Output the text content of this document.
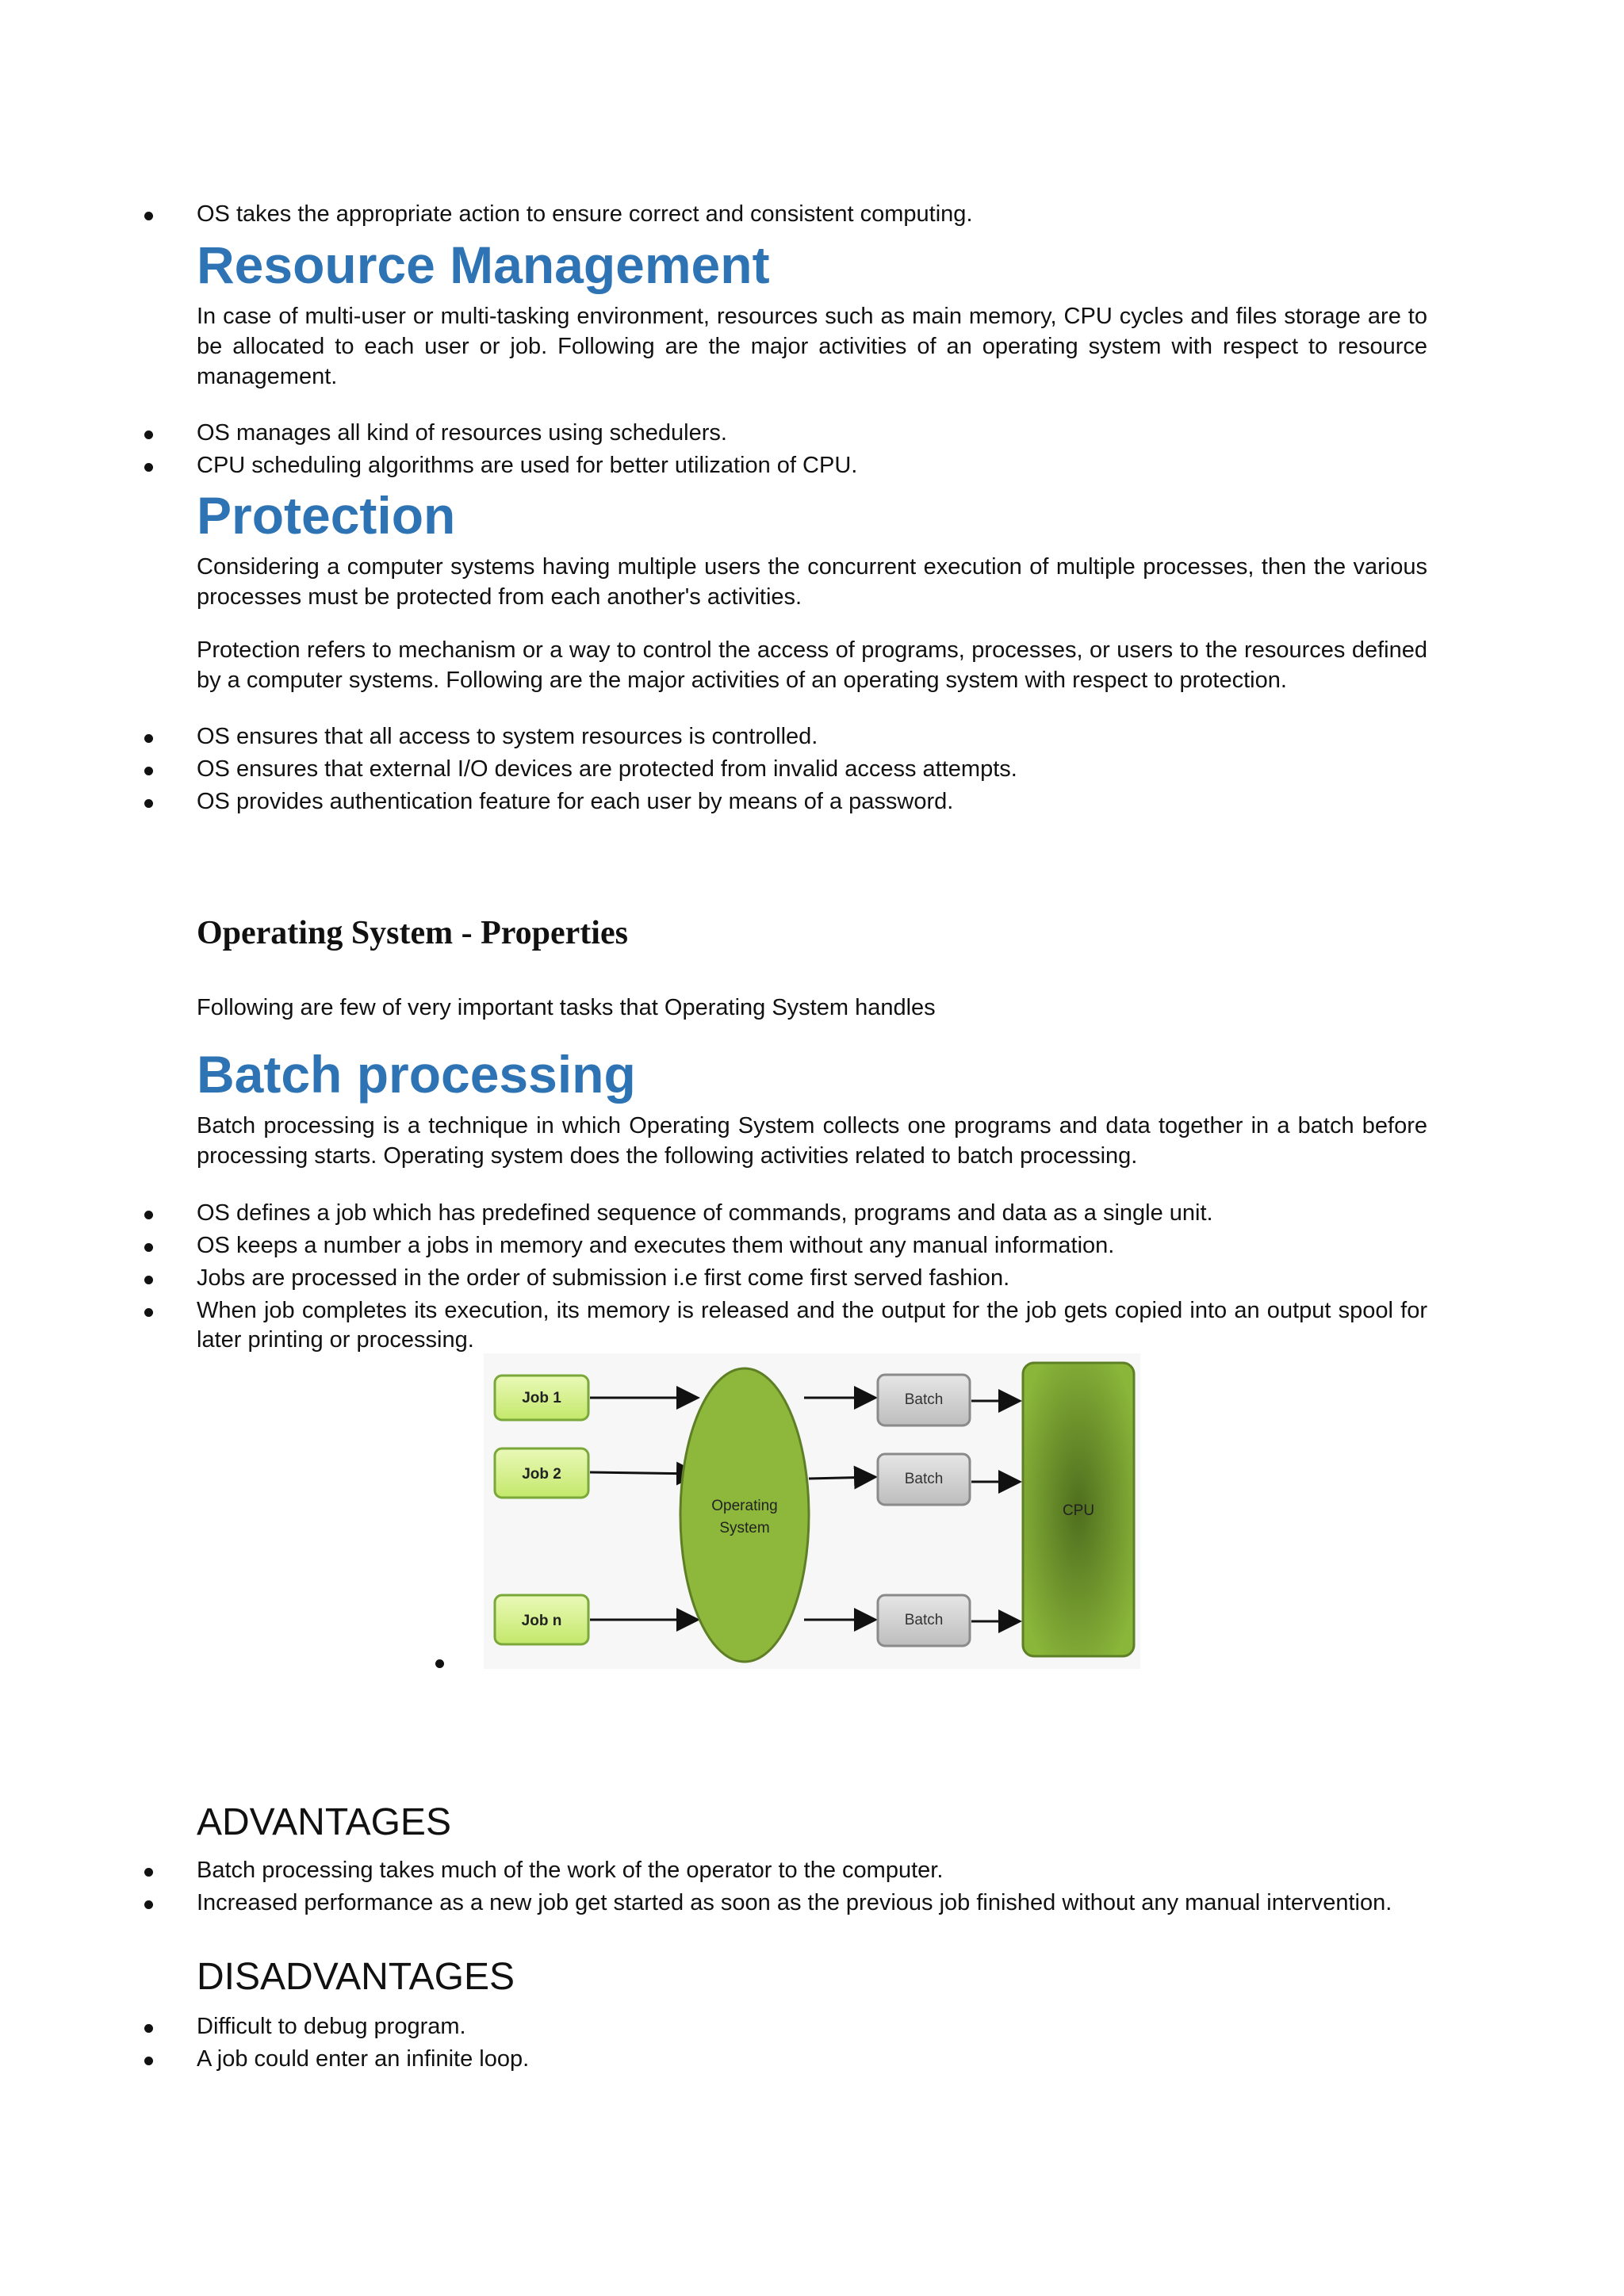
OS takes the appropriate action to ensure correct and consistent computing.
Resource Management

In case of multi-user or multi-tasking environment, resources such as main memory, CPU cycles and files storage are to be allocated to each user or job. Following are the major activities of an operating system with respect to resource management.

OS manages all kind of resources using schedulers.
CPU scheduling algorithms are used for better utilization of CPU.
Protection

Considering a computer systems having multiple users the concurrent execution of multiple processes, then the various processes must be protected from each another's activities.

Protection refers to mechanism or a way to control the access of programs, processes, or users to the resources defined by a computer systems. Following are the major activities of an operating system with respect to protection.

OS ensures that all access to system resources is controlled.
OS ensures that external I/O devices are protected from invalid access attempts.
OS provides authentication feature for each user by means of a password.
Operating System - Properties

Following are few of very important tasks that Operating System handles

Batch processing

Batch processing is a technique in which Operating System collects one programs and data together in a batch before processing starts. Operating system does the following activities related to batch processing.

OS defines a job which has predefined sequence of commands, programs and data as a single unit.
OS keeps a number a jobs in memory and executes them without any manual information.
Jobs are processed in the order of submission i.e first come first served fashion.
When job completes its execution, its memory is released and the output for the job gets copied into an output spool for later printing or processing.
Job 1
Job 2
Job n
Operating
System
Batch
Batch
Batch
CPU
ADVANTAGES
Batch processing takes much of the work of the operator to the computer.
Increased performance as a new job get started as soon as the previous job finished without any manual intervention.
DISADVANTAGES
Difficult to debug program.
A job could enter an infinite loop.
